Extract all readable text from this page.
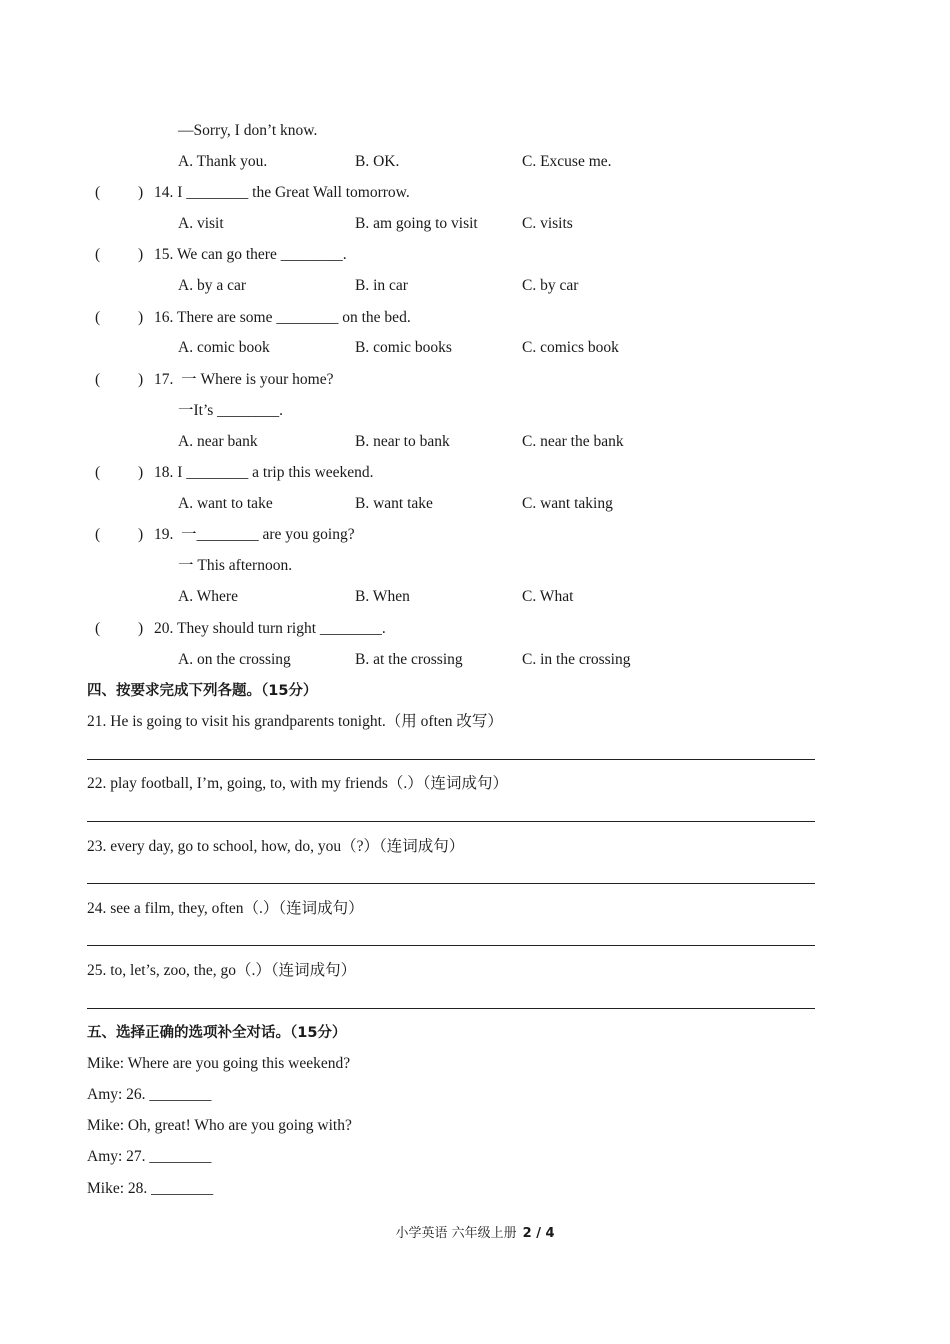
—Sorry, I don’t know.
A. Thank you.	B. OK.	C. Excuse me.
( ) 14. I ________ the Great Wall tomorrow.
A. visit	B. am going to visit	C. visits
( ) 15. We can go there ________.
A. by a car	B. in car	C. by car
( ) 16. There are some ________ on the bed.
A. comic book	B. comic books	C. comics book
( ) 17.  一 Where is your home?
一It’s ________.
A. near bank	B. near to bank	C. near the bank
( ) 18. I ________ a trip this weekend.
A. want to take	B. want take	C. want taking
( ) 19.  一________ are you going?
一 This afternoon.
A. Where	B. When	C. What
( ) 20. They should turn right ________.
A. on the crossing	B. at the crossing	C. in the crossing
四、按要求完成下列各题。（15分）
21. He is going to visit his grandparents tonight.（用 often 改写）
22. play football, I’m, going, to, with my friends（.）（连词成句）
23. every day, go to school, how, do, you（?）（连词成句）
24. see a film, they, often（.）（连词成句）
25. to, let’s, zoo, the, go（.）（连词成句）
五、选择正确的选项补全对话。（15分）
Mike: Where are you going this weekend?
Amy: 26. ________
Mike: Oh, great! Who are you going with?
Amy: 27. ________
Mike: 28. ________
小学英语 六年级上册 2 / 4
